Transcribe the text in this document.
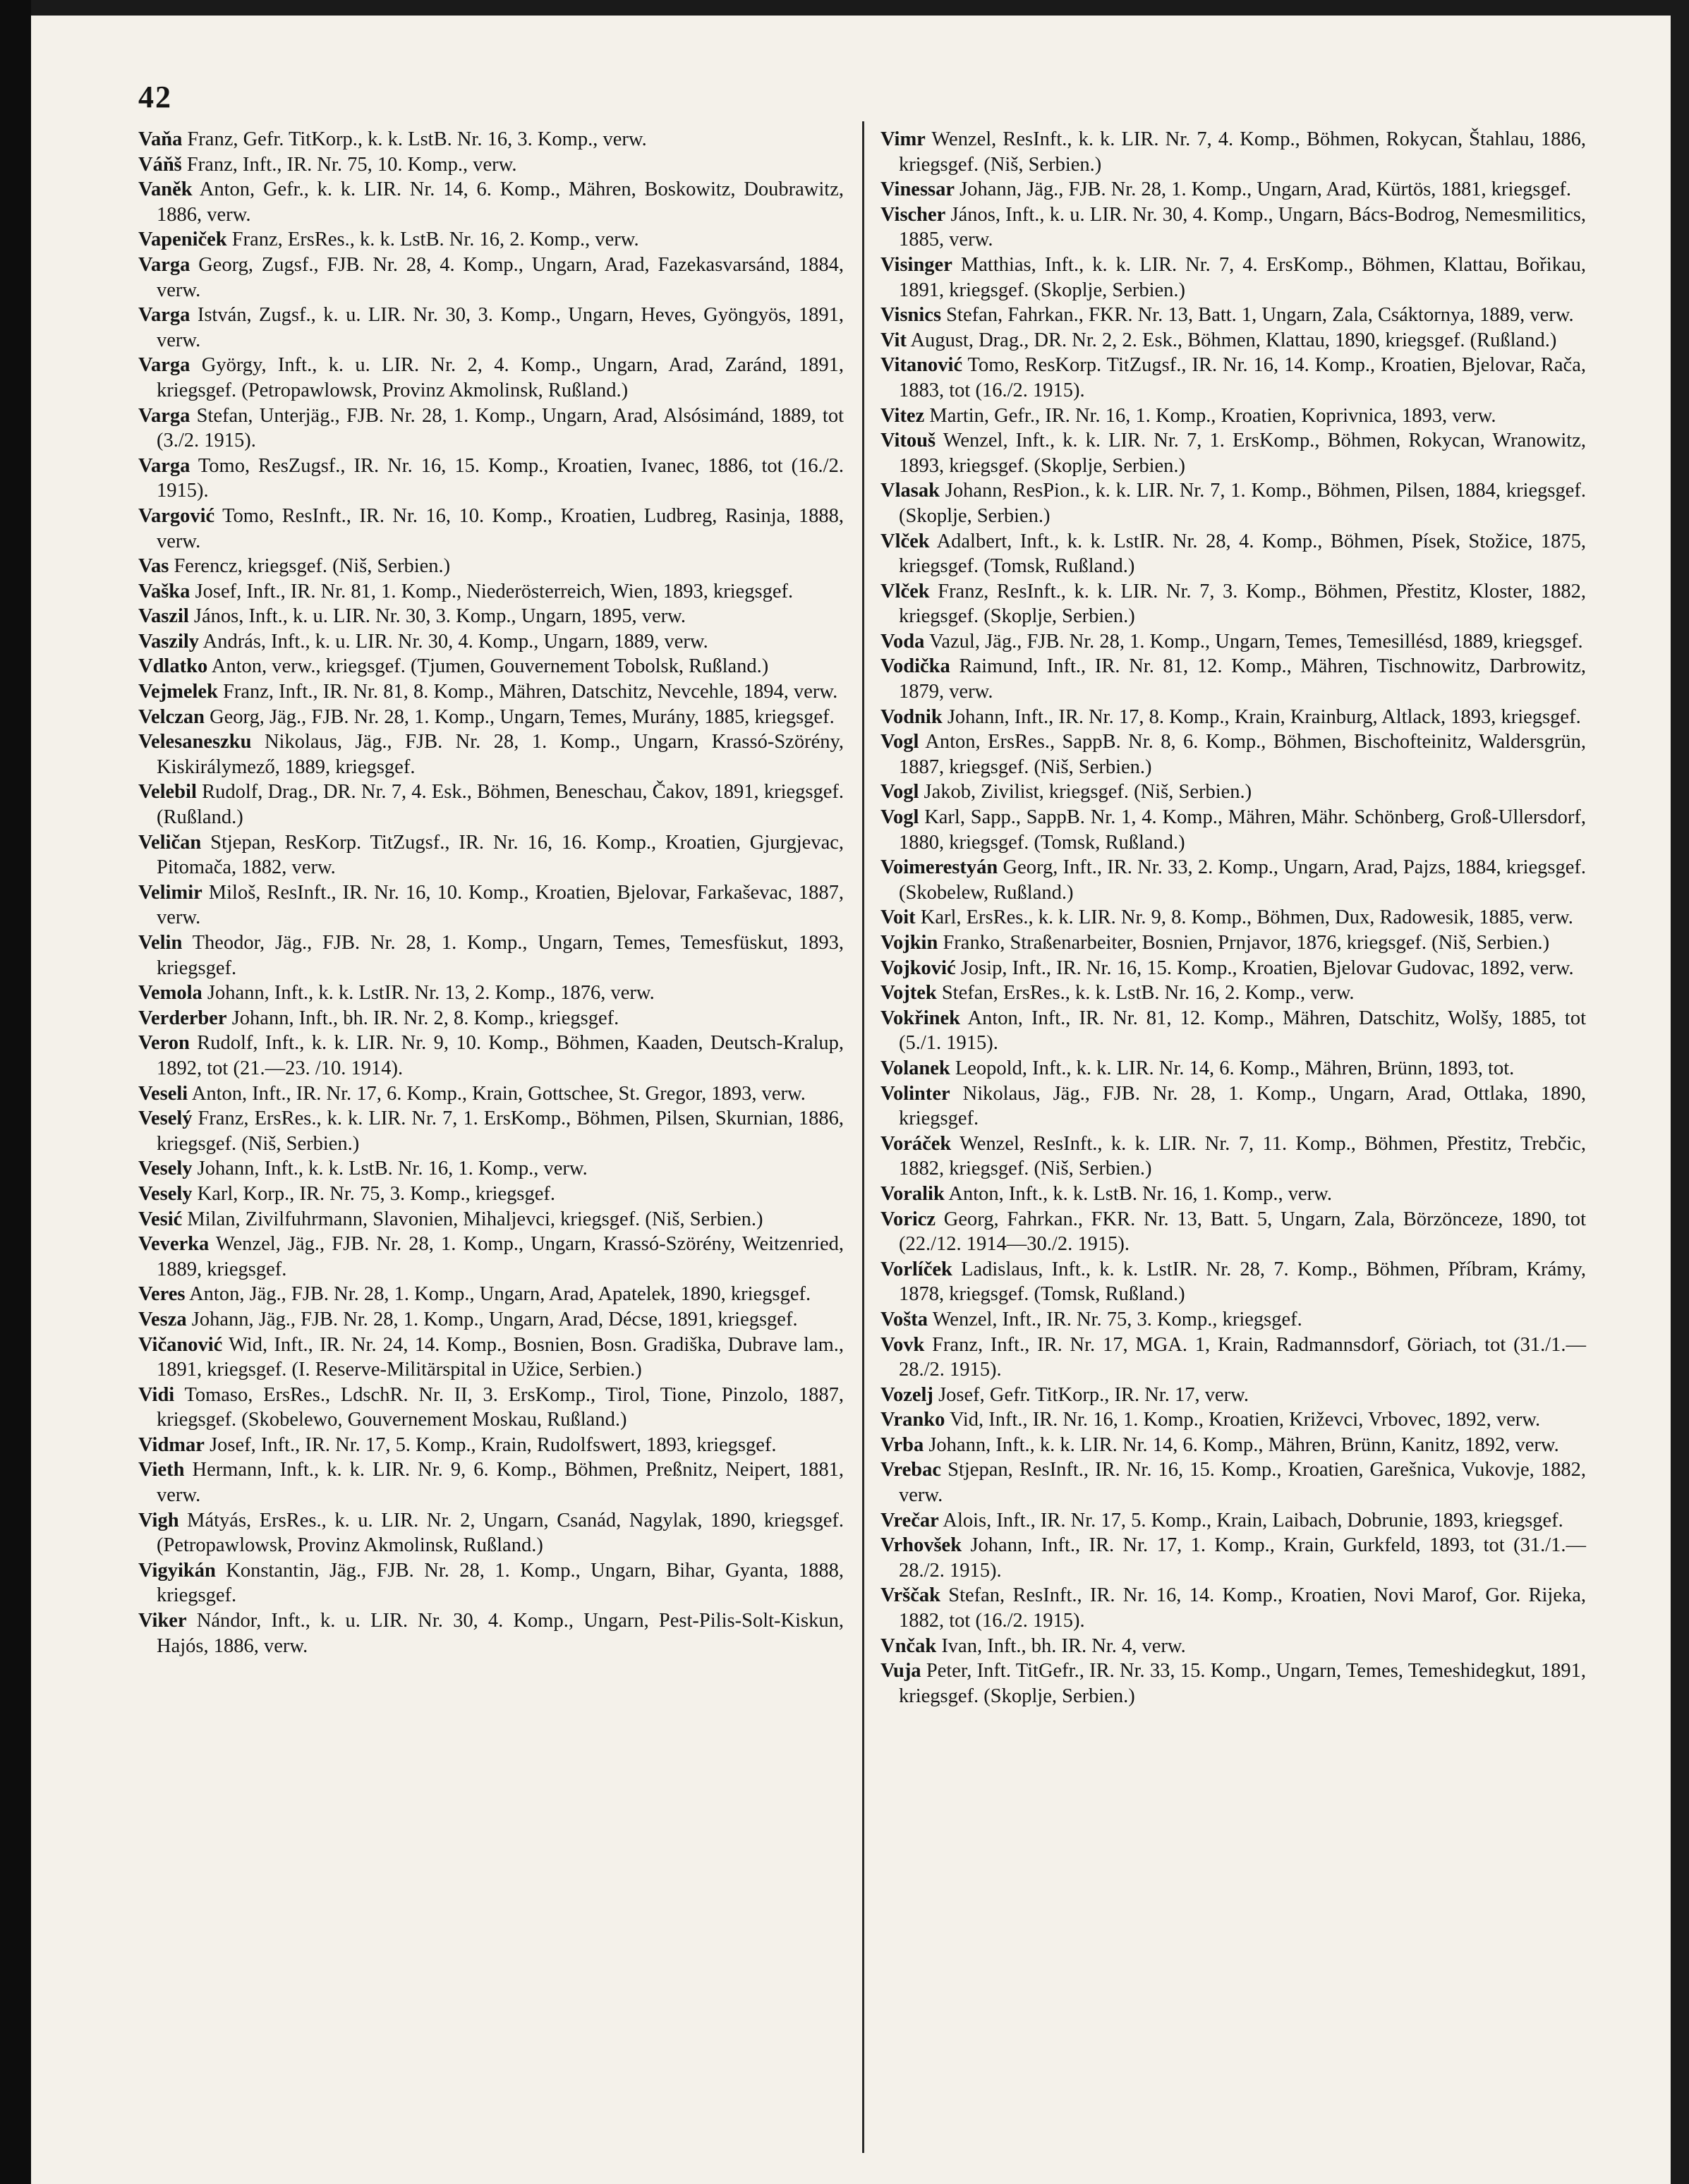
42

Vaňa Franz, Gefr. TitKorp., k. k. LstB. Nr. 16, 3. Komp., verw.

Váňš Franz, Inft., IR. Nr. 75, 10. Komp., verw.

Vaněk Anton, Gefr., k. k. LIR. Nr. 14, 6. Komp., Mähren, Boskowitz, Doubrawitz, 1886, verw.

Vapeniček Franz, ErsRes., k. k. LstB. Nr. 16, 2. Komp., verw.

Varga Georg, Zugsf., FJB. Nr. 28, 4. Komp., Ungarn, Arad, Fazekasvarsánd, 1884, verw.

Varga István, Zugsf., k. u. LIR. Nr. 30, 3. Komp., Ungarn, Heves, Gyöngyös, 1891, verw.

Varga György, Inft., k. u. LIR. Nr. 2, 4. Komp., Ungarn, Arad, Zaránd, 1891, kriegsgef. (Petropawlowsk, Provinz Akmolinsk, Rußland.)

Varga Stefan, Unterjäg., FJB. Nr. 28, 1. Komp., Ungarn, Arad, Alsósimánd, 1889, tot (3./2. 1915).

Varga Tomo, ResZugsf., IR. Nr. 16, 15. Komp., Kroatien, Ivanec, 1886, tot (16./2. 1915).

Vargović Tomo, ResInft., IR. Nr. 16, 10. Komp., Kroatien, Ludbreg, Rasinja, 1888, verw.

Vas Ferencz, kriegsgef. (Niš, Serbien.)

Vaška Josef, Inft., IR. Nr. 81, 1. Komp., Niederösterreich, Wien, 1893, kriegsgef.

Vaszil János, Inft., k. u. LIR. Nr. 30, 3. Komp., Ungarn, 1895, verw.

Vaszily András, Inft., k. u. LIR. Nr. 30, 4. Komp., Ungarn, 1889, verw.

Vdlatko Anton, verw., kriegsgef. (Tjumen, Gouvernement Tobolsk, Rußland.)

Vejmelek Franz, Inft., IR. Nr. 81, 8. Komp., Mähren, Datschitz, Nevcehle, 1894, verw.

Velczan Georg, Jäg., FJB. Nr. 28, 1. Komp., Ungarn, Temes, Murány, 1885, kriegsgef.

Velesaneszku Nikolaus, Jäg., FJB. Nr. 28, 1. Komp., Ungarn, Krassó-Szörény, Kiskirálymező, 1889, kriegsgef.

Velebil Rudolf, Drag., DR. Nr. 7, 4. Esk., Böhmen, Beneschau, Čakov, 1891, kriegsgef. (Rußland.)

Veličan Stjepan, ResKorp. TitZugsf., IR. Nr. 16, 16. Komp., Kroatien, Gjurgjevac, Pitomača, 1882, verw.

Velimir Miloš, ResInft., IR. Nr. 16, 10. Komp., Kroatien, Bjelovar, Farkaševac, 1887, verw.

Velin Theodor, Jäg., FJB. Nr. 28, 1. Komp., Ungarn, Temes, Temesfüskut, 1893, kriegsgef.

Vemola Johann, Inft., k. k. LstIR. Nr. 13, 2. Komp., 1876, verw.

Verderber Johann, Inft., bh. IR. Nr. 2, 8. Komp., kriegsgef.

Veron Rudolf, Inft., k. k. LIR. Nr. 9, 10. Komp., Böhmen, Kaaden, Deutsch-Kralup, 1892, tot (21.—23. /10. 1914).

Veseli Anton, Inft., IR. Nr. 17, 6. Komp., Krain, Gottschee, St. Gregor, 1893, verw.

Veselý Franz, ErsRes., k. k. LIR. Nr. 7, 1. ErsKomp., Böhmen, Pilsen, Skurnian, 1886, kriegsgef. (Niš, Serbien.)

Vesely Johann, Inft., k. k. LstB. Nr. 16, 1. Komp., verw.

Vesely Karl, Korp., IR. Nr. 75, 3. Komp., kriegsgef.

Vesić Milan, Zivilfuhrmann, Slavonien, Mihaljevci, kriegsgef. (Niš, Serbien.)

Veverka Wenzel, Jäg., FJB. Nr. 28, 1. Komp., Ungarn, Krassó-Szörény, Weitzenried, 1889, kriegsgef.

Veres Anton, Jäg., FJB. Nr. 28, 1. Komp., Ungarn, Arad, Apatelek, 1890, kriegsgef.

Vesza Johann, Jäg., FJB. Nr. 28, 1. Komp., Ungarn, Arad, Décse, 1891, kriegsgef.

Vičanović Wid, Inft., IR. Nr. 24, 14. Komp., Bosnien, Bosn. Gradiška, Dubrave lam., 1891, kriegsgef. (I. Reserve-Militärspital in Užice, Serbien.)

Vidi Tomaso, ErsRes., LdschR. Nr. II, 3. ErsKomp., Tirol, Tione, Pinzolo, 1887, kriegsgef. (Skobelewo, Gouvernement Moskau, Rußland.)

Vidmar Josef, Inft., IR. Nr. 17, 5. Komp., Krain, Rudolfswert, 1893, kriegsgef.

Vieth Hermann, Inft., k. k. LIR. Nr. 9, 6. Komp., Böhmen, Preßnitz, Neipert, 1881, verw.

Vigh Mátyás, ErsRes., k. u. LIR. Nr. 2, Ungarn, Csanád, Nagylak, 1890, kriegsgef. (Petropawlowsk, Provinz Akmolinsk, Rußland.)

Vigyikán Konstantin, Jäg., FJB. Nr. 28, 1. Komp., Ungarn, Bihar, Gyanta, 1888, kriegsgef.

Viker Nándor, Inft., k. u. LIR. Nr. 30, 4. Komp., Ungarn, Pest-Pilis-Solt-Kiskun, Hajós, 1886, verw.

Vimr Wenzel, ResInft., k. k. LIR. Nr. 7, 4. Komp., Böhmen, Rokycan, Štahlau, 1886, kriegsgef. (Niš, Serbien.)

Vinessar Johann, Jäg., FJB. Nr. 28, 1. Komp., Ungarn, Arad, Kürtös, 1881, kriegsgef.

Vischer János, Inft., k. u. LIR. Nr. 30, 4. Komp., Ungarn, Bács-Bodrog, Nemesmilitics, 1885, verw.

Visinger Matthias, Inft., k. k. LIR. Nr. 7, 4. ErsKomp., Böhmen, Klattau, Bořikau, 1891, kriegsgef. (Skoplje, Serbien.)

Visnics Stefan, Fahrkan., FKR. Nr. 13, Batt. 1, Ungarn, Zala, Csáktornya, 1889, verw.

Vit August, Drag., DR. Nr. 2, 2. Esk., Böhmen, Klattau, 1890, kriegsgef. (Rußland.)

Vitanović Tomo, ResKorp. TitZugsf., IR. Nr. 16, 14. Komp., Kroatien, Bjelovar, Rača, 1883, tot (16./2. 1915).

Vitez Martin, Gefr., IR. Nr. 16, 1. Komp., Kroatien, Koprivnica, 1893, verw.

Vitouš Wenzel, Inft., k. k. LIR. Nr. 7, 1. ErsKomp., Böhmen, Rokycan, Wranowitz, 1893, kriegsgef. (Skoplje, Serbien.)

Vlasak Johann, ResPion., k. k. LIR. Nr. 7, 1. Komp., Böhmen, Pilsen, 1884, kriegsgef. (Skoplje, Serbien.)

Vlček Adalbert, Inft., k. k. LstIR. Nr. 28, 4. Komp., Böhmen, Písek, Stožice, 1875, kriegsgef. (Tomsk, Rußland.)

Vlček Franz, ResInft., k. k. LIR. Nr. 7, 3. Komp., Böhmen, Přestitz, Kloster, 1882, kriegsgef. (Skoplje, Serbien.)

Voda Vazul, Jäg., FJB. Nr. 28, 1. Komp., Ungarn, Temes, Temesillésd, 1889, kriegsgef.

Vodička Raimund, Inft., IR. Nr. 81, 12. Komp., Mähren, Tischnowitz, Darbrowitz, 1879, verw.

Vodnik Johann, Inft., IR. Nr. 17, 8. Komp., Krain, Krainburg, Altlack, 1893, kriegsgef.

Vogl Anton, ErsRes., SappB. Nr. 8, 6. Komp., Böhmen, Bischofteinitz, Waldersgrün, 1887, kriegsgef. (Niš, Serbien.)

Vogl Jakob, Zivilist, kriegsgef. (Niš, Serbien.)

Vogl Karl, Sapp., SappB. Nr. 1, 4. Komp., Mähren, Mähr. Schönberg, Groß-Ullersdorf, 1880, kriegsgef. (Tomsk, Rußland.)

Voimerestyán Georg, Inft., IR. Nr. 33, 2. Komp., Ungarn, Arad, Pajzs, 1884, kriegsgef. (Skobelew, Rußland.)

Voit Karl, ErsRes., k. k. LIR. Nr. 9, 8. Komp., Böhmen, Dux, Radowesik, 1885, verw.

Vojkin Franko, Straßenarbeiter, Bosnien, Prnjavor, 1876, kriegsgef. (Niš, Serbien.)

Vojković Josip, Inft., IR. Nr. 16, 15. Komp., Kroatien, Bjelovar Gudovac, 1892, verw.

Vojtek Stefan, ErsRes., k. k. LstB. Nr. 16, 2. Komp., verw.

Vokřinek Anton, Inft., IR. Nr. 81, 12. Komp., Mähren, Datschitz, Wolšy, 1885, tot (5./1. 1915).

Volanek Leopold, Inft., k. k. LIR. Nr. 14, 6. Komp., Mähren, Brünn, 1893, tot.

Volinter Nikolaus, Jäg., FJB. Nr. 28, 1. Komp., Ungarn, Arad, Ottlaka, 1890, kriegsgef.

Voráček Wenzel, ResInft., k. k. LIR. Nr. 7, 11. Komp., Böhmen, Přestitz, Trebčic, 1882, kriegsgef. (Niš, Serbien.)

Voralik Anton, Inft., k. k. LstB. Nr. 16, 1. Komp., verw.

Voricz Georg, Fahrkan., FKR. Nr. 13, Batt. 5, Ungarn, Zala, Börzönceze, 1890, tot (22./12. 1914—30./2. 1915).

Vorlíček Ladislaus, Inft., k. k. LstIR. Nr. 28, 7. Komp., Böhmen, Příbram, Krámy, 1878, kriegsgef. (Tomsk, Rußland.)

Vošta Wenzel, Inft., IR. Nr. 75, 3. Komp., kriegsgef.

Vovk Franz, Inft., IR. Nr. 17, MGA. 1, Krain, Radmannsdorf, Göriach, tot (31./1.—28./2. 1915).

Vozelj Josef, Gefr. TitKorp., IR. Nr. 17, verw.

Vranko Vid, Inft., IR. Nr. 16, 1. Komp., Kroatien, Križevci, Vrbovec, 1892, verw.

Vrba Johann, Inft., k. k. LIR. Nr. 14, 6. Komp., Mähren, Brünn, Kanitz, 1892, verw.

Vrebac Stjepan, ResInft., IR. Nr. 16, 15. Komp., Kroatien, Garešnica, Vukovje, 1882, verw.

Vrečar Alois, Inft., IR. Nr. 17, 5. Komp., Krain, Laibach, Dobrunie, 1893, kriegsgef.

Vrhovšek Johann, Inft., IR. Nr. 17, 1. Komp., Krain, Gurkfeld, 1893, tot (31./1.—28./2. 1915).

Vrščak Stefan, ResInft., IR. Nr. 16, 14. Komp., Kroatien, Novi Marof, Gor. Rijeka, 1882, tot (16./2. 1915).

Vnčak Ivan, Inft., bh. IR. Nr. 4, verw.

Vuja Peter, Inft. TitGefr., IR. Nr. 33, 15. Komp., Ungarn, Temes, Temeshidegkut, 1891, kriegsgef. (Skoplje, Serbien.)
